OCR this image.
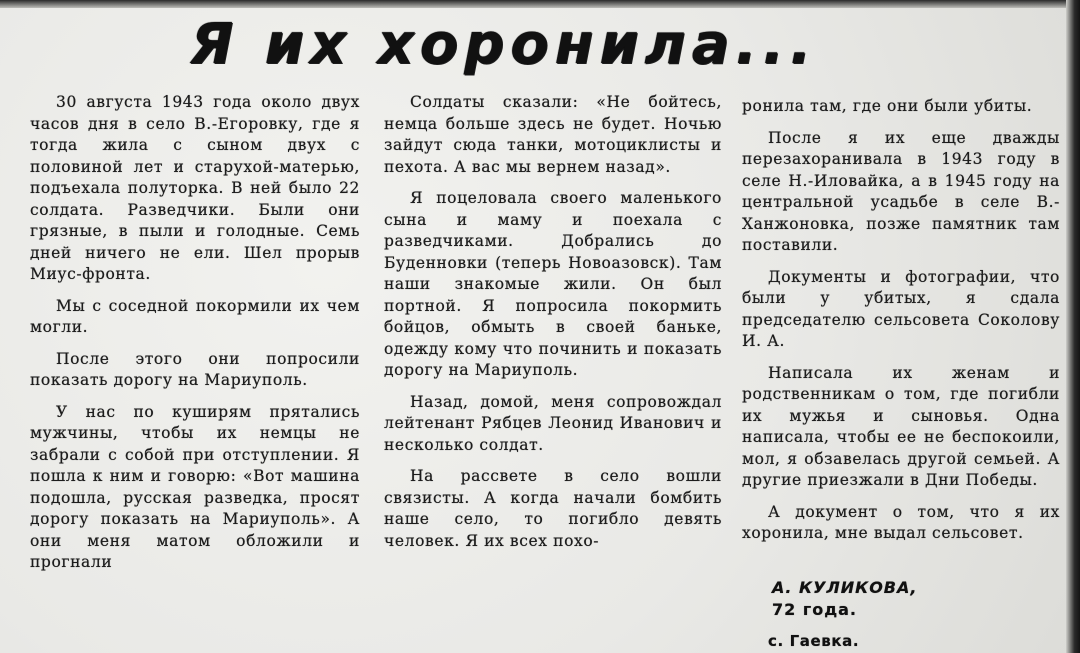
Я их хоронила...

30 августа 1943 года около двух часов дня в село В.-Егоровку, где я тогда жила с сыном двух с половиной лет и старухой-матерью, подъехала полуторка. В ней было 22 солдата. Разведчики. Были они грязные, в пыли и голодные. Семь дней ничего не ели. Шел прорыв Миус-фронта.

Мы с соседной покормили их чем могли.

После этого они попросили показать дорогу на Мариуполь.

У нас по куширям прятались мужчины, чтобы их немцы не забрали с собой при отступлении. Я пошла к ним и говорю: «Вот машина подошла, русская разведка, просят дорогу показать на Мариуполь». А они меня матом обложили и прогнали

Солдаты сказали: «Не бойтесь, немца больше здесь не будет. Ночью зайдут сюда танки, мотоциклисты и пехота. А вас мы вернем назад».

Я поцеловала своего маленького сына и маму и поехала с разведчиками. Добрались до Буденновки (теперь Новоазовск). Там наши знакомые жили. Он был портной. Я попросила покормить бойцов, обмыть в своей баньке, одежду кому что починить и показать дорогу на Мариуполь.

Назад, домой, меня сопровождал лейтенант Рябцев Леонид Иванович и несколько солдат.

На рассвете в село вошли связисты. А когда начали бомбить наше село, то погибло девять человек. Я их всех похо-

ронила там, где они были убиты.

После я их еще дважды перезахоранивала в 1943 году в селе Н.-Иловайка, а в 1945 году на центральной усадьбе в селе В.-Ханжоновка, позже памятник там поставили.

Документы и фотографии, что были у убитых, я сдала председателю сельсовета Соколову И. А.

Написала их женам и родственникам о том, где погибли их мужья и сыновья. Одна написала, чтобы ее не беспокоили, мол, я обзавелась другой семьей. А другие приезжали в Дни Победы.

А документ о том, что я их хоронила, мне выдал сельсовет.

А. КУЛИКОВА,
72 года.

с. Гаевка.
